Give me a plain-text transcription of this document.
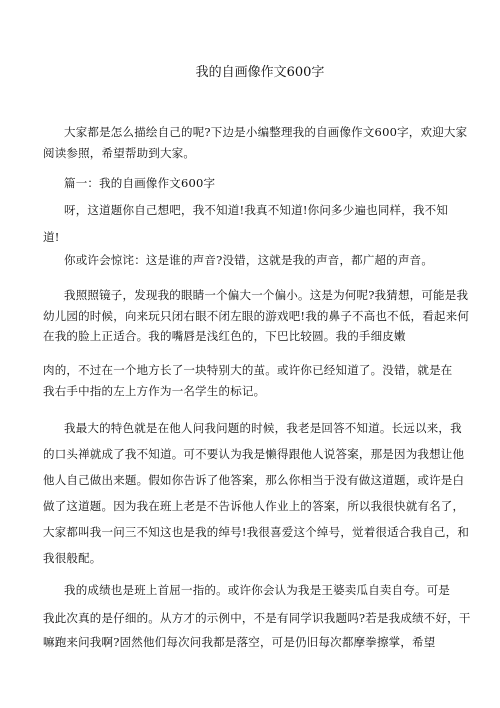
我的自画像作文600字
大家都是怎么描绘自己的呢?下边是小编整理我的自画像作文600字，欢迎大家
阅读参照，希望帮助到大家。
篇一：我的自画像作文600字
呀，这道题你自己想吧，我不知道!我真不知道!你问多少遍也同样，我不知
道!
你或许会惊诧：这是谁的声音?没错，这就是我的声音，都广超的声音。
我照照镜子，发现我的眼睛一个偏大一个偏小。这是为何呢?我猜想，可能是我
幼儿园的时候，向来玩只闭右眼不闭左眼的游戏吧!我的鼻子不高也不低，看起来何
在我的脸上正适合。我的嘴唇是浅红色的，下巴比较圆。我的手细皮嫩
肉的，不过在一个地方长了一块特别大的茧。或许你已经知道了。没错，就是在
我右手中指的左上方作为一名学生的标记。
我最大的特色就是在他人问我问题的时候，我老是回答不知道。长远以来，我
的口头禅就成了我不知道。可不要认为我是懒得跟他人说答案，那是因为我想让他
他人自己做出来题。假如你告诉了他答案，那么你相当于没有做这道题，或许是白
做了这道题。因为我在班上老是不告诉他人作业上的答案，所以我很快就有名了，
大家都叫我一问三不知这也是我的绰号!我很喜爱这个绰号，觉着很适合我自己，和
我很般配。
我的成绩也是班上首屈一指的。或许你会认为我是王婆卖瓜自卖自夸。可是
我此次真的是仔细的。从方才的示例中，不是有同学识我题吗?若是我成绩不好，干
嘛跑来问我啊?固然他们每次问我都是落空，可是仍旧每次都摩拳擦掌，希望
